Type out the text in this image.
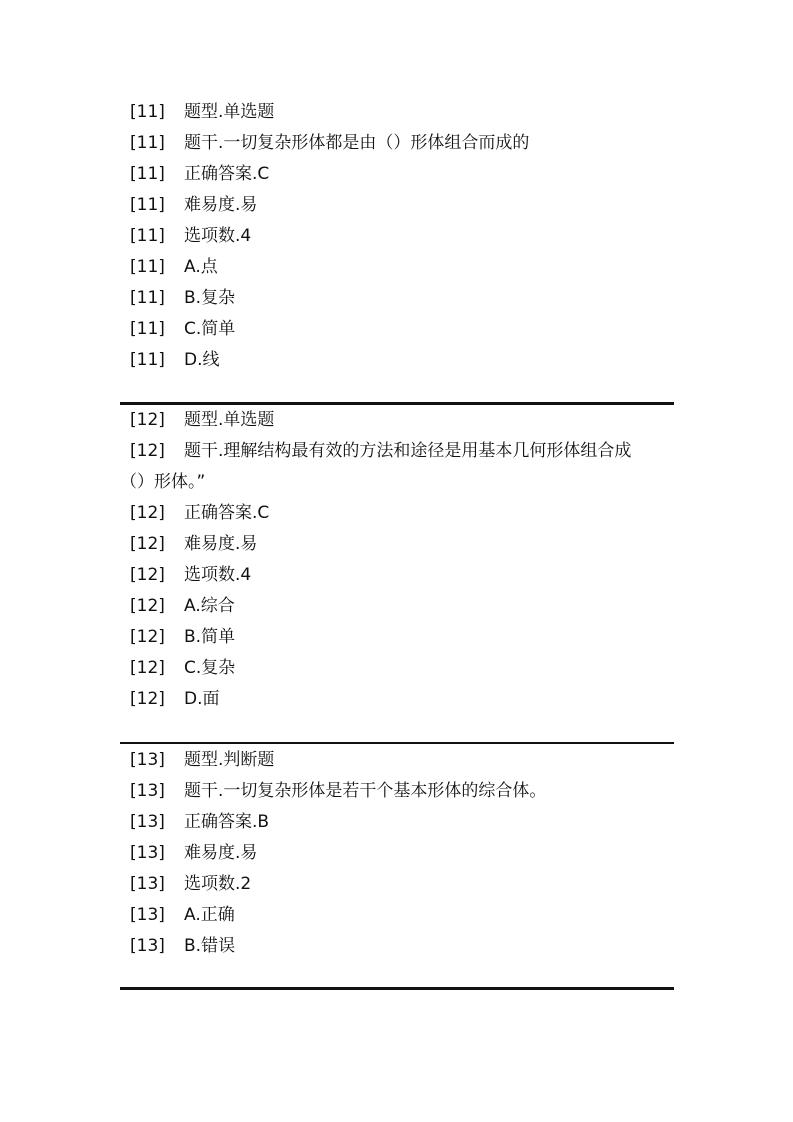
[11] 题型.单选题
[11] 题干.一切复杂形体都是由（）形体组合而成的
[11] 正确答案.C
[11] 难易度.易
[11] 选项数.4
[11] A.点
[11] B.复杂
[11] C.简单
[11] D.线
[12] 题型.单选题
[12] 题干.理解结构最有效的方法和途径是用基本几何形体组合成
（）形体。”
[12] 正确答案.C
[12] 难易度.易
[12] 选项数.4
[12] A.综合
[12] B.简单
[12] C.复杂
[12] D.面
[13] 题型.判断题
[13] 题干.一切复杂形体是若干个基本形体的综合体。
[13] 正确答案.B
[13] 难易度.易
[13] 选项数.2
[13] A.正确
[13] B.错误
